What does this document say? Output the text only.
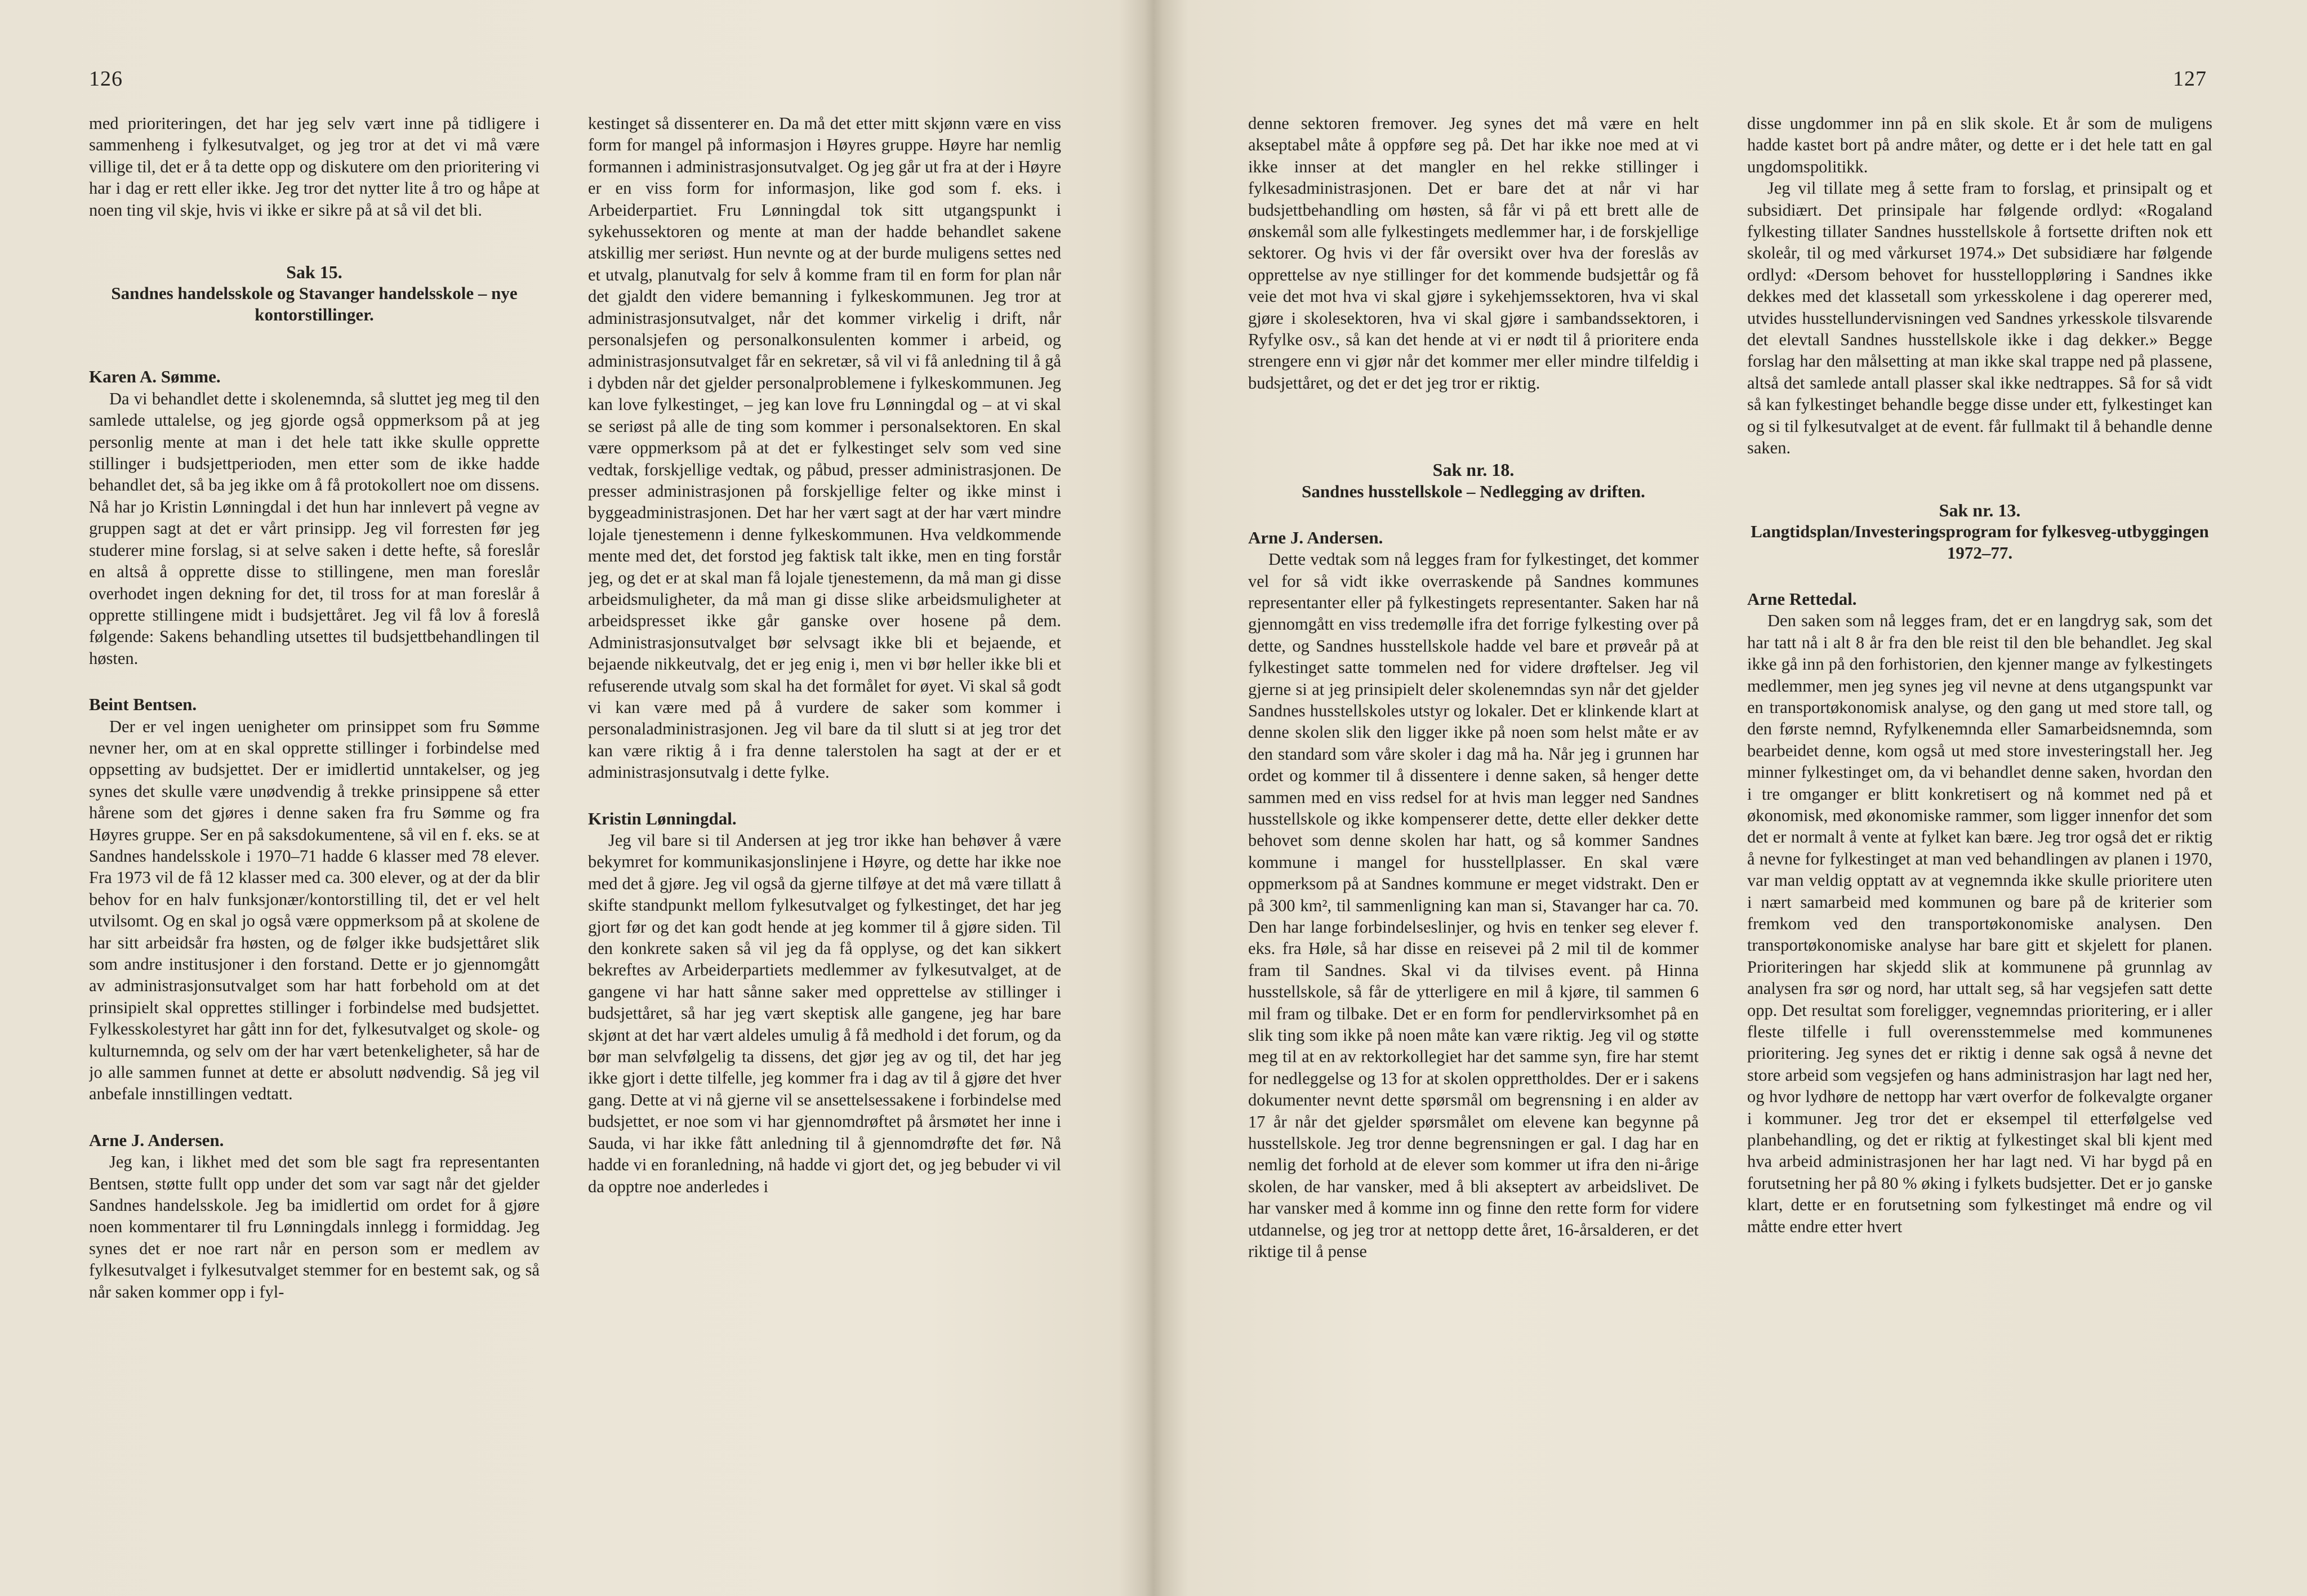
126

med prioriteringen, det har jeg selv vært inne på tidligere i sammenheng i fylkesutvalget, og jeg tror at det vi må være villige til, det er å ta dette opp og diskutere om den prioritering vi har i dag er rett eller ikke. Jeg tror det nytter lite å tro og håpe at noen ting vil skje, hvis vi ikke er sikre på at så vil det bli.

Sak 15.

Sandnes handelsskole og Stavanger handelsskole – nye kontorstillinger.

Karen A. Sømme.

Da vi behandlet dette i skolenemnda, så sluttet jeg meg til den samlede uttalelse, og jeg gjorde også oppmerksom på at jeg personlig mente at man i det hele tatt ikke skulle opprette stillinger i budsjettperioden, men etter som de ikke hadde behandlet det, så ba jeg ikke om å få protokollert noe om dissens. Nå har jo Kristin Lønningdal i det hun har innlevert på vegne av gruppen sagt at det er vårt prinsipp. Jeg vil forresten før jeg studerer mine forslag, si at selve saken i dette hefte, så foreslår en altså å opprette disse to stillingene, men man foreslår overhodet ingen dekning for det, til tross for at man foreslår å opprette stillingene midt i budsjettåret. Jeg vil få lov å foreslå følgende: Sakens behandling utsettes til budsjettbehandlingen til høsten.

Beint Bentsen.

Der er vel ingen uenigheter om prinsippet som fru Sømme nevner her, om at en skal opprette stillinger i forbindelse med oppsetting av budsjettet. Der er imidlertid unntakelser, og jeg synes det skulle være unødvendig å trekke prinsippene så etter hårene som det gjøres i denne saken fra fru Sømme og fra Høyres gruppe. Ser en på saksdokumentene, så vil en f. eks. se at Sandnes handelsskole i 1970–71 hadde 6 klasser med 78 elever. Fra 1973 vil de få 12 klasser med ca. 300 elever, og at der da blir behov for en halv funksjonær/kontorstilling til, det er vel helt utvilsomt. Og en skal jo også være oppmerksom på at skolene de har sitt arbeidsår fra høsten, og de følger ikke budsjettåret slik som andre institusjoner i den forstand. Dette er jo gjennomgått av administrasjonsutvalget som har hatt forbehold om at det prinsipielt skal opprettes stillinger i forbindelse med budsjettet. Fylkesskolestyret har gått inn for det, fylkesutvalget og skole- og kulturnemnda, og selv om der har vært betenkeligheter, så har de jo alle sammen funnet at dette er absolutt nødvendig. Så jeg vil anbefale innstillingen vedtatt.

Arne J. Andersen.

Jeg kan, i likhet med det som ble sagt fra representanten Bentsen, støtte fullt opp under det som var sagt når det gjelder Sandnes handelsskole. Jeg ba imidlertid om ordet for å gjøre noen kommentarer til fru Lønningdals innlegg i formiddag. Jeg synes det er noe rart når en person som er medlem av fylkesutvalget i fylkesutvalget stemmer for en bestemt sak, og så når saken kommer opp i fyl-

kestinget så dissenterer en. Da må det etter mitt skjønn være en viss form for mangel på informasjon i Høyres gruppe. Høyre har nemlig formannen i administrasjonsutvalget. Og jeg går ut fra at der i Høyre er en viss form for informasjon, like god som f. eks. i Arbeiderpartiet. Fru Lønningdal tok sitt utgangspunkt i sykehussektoren og mente at man der hadde behandlet sakene atskillig mer seriøst. Hun nevnte og at der burde muligens settes ned et utvalg, planutvalg for selv å komme fram til en form for plan når det gjaldt den videre bemanning i fylkeskommunen. Jeg tror at administrasjonsutvalget, når det kommer virkelig i drift, når personalsjefen og personalkonsulenten kommer i arbeid, og administrasjonsutvalget får en sekretær, så vil vi få anledning til å gå i dybden når det gjelder personalproblemene i fylkeskommunen. Jeg kan love fylkestinget, – jeg kan love fru Lønningdal og – at vi skal se seriøst på alle de ting som kommer i personalsektoren. En skal være oppmerksom på at det er fylkestinget selv som ved sine vedtak, forskjellige vedtak, og påbud, presser administrasjonen. De presser administrasjonen på forskjellige felter og ikke minst i byggeadministrasjonen. Det har her vært sagt at der har vært mindre lojale tjenestemenn i denne fylkeskommunen. Hva veldkommende mente med det, det forstod jeg faktisk talt ikke, men en ting forstår jeg, og det er at skal man få lojale tjenestemenn, da må man gi disse arbeidsmuligheter, da må man gi disse slike arbeidsmuligheter at arbeidspresset ikke går ganske over hosene på dem. Administrasjonsutvalget bør selvsagt ikke bli et bejaende, et bejaende nikkeutvalg, det er jeg enig i, men vi bør heller ikke bli et refuserende utvalg som skal ha det formålet for øyet. Vi skal så godt vi kan være med på å vurdere de saker som kommer i personaladministrasjonen. Jeg vil bare da til slutt si at jeg tror det kan være riktig å i fra denne talerstolen ha sagt at der er et administrasjonsutvalg i dette fylke.

Kristin Lønningdal.

Jeg vil bare si til Andersen at jeg tror ikke han behøver å være bekymret for kommunikasjonslinjene i Høyre, og dette har ikke noe med det å gjøre. Jeg vil også da gjerne tilføye at det må være tillatt å skifte standpunkt mellom fylkesutvalget og fylkestinget, det har jeg gjort før og det kan godt hende at jeg kommer til å gjøre siden. Til den konkrete saken så vil jeg da få opplyse, og det kan sikkert bekreftes av Arbeiderpartiets medlemmer av fylkesutvalget, at de gangene vi har hatt sånne saker med opprettelse av stillinger i budsjettåret, så har jeg vært skeptisk alle gangene, jeg har bare skjønt at det har vært aldeles umulig å få medhold i det forum, og da bør man selvfølgelig ta dissens, det gjør jeg av og til, det har jeg ikke gjort i dette tilfelle, jeg kommer fra i dag av til å gjøre det hver gang. Dette at vi nå gjerne vil se ansettelsessakene i forbindelse med budsjettet, er noe som vi har gjennomdrøftet på årsmøtet her inne i Sauda, vi har ikke fått anledning til å gjennomdrøfte det før. Nå hadde vi en foranledning, nå hadde vi gjort det, og jeg bebuder vi vil da opptre noe anderledes i

127

denne sektoren fremover. Jeg synes det må være en helt akseptabel måte å oppføre seg på. Det har ikke noe med at vi ikke innser at det mangler en hel rekke stillinger i fylkesadministrasjonen. Det er bare det at når vi har budsjettbehandling om høsten, så får vi på ett brett alle de ønskemål som alle fylkestingets medlemmer har, i de forskjellige sektorer. Og hvis vi der får oversikt over hva der foreslås av opprettelse av nye stillinger for det kommende budsjettår og få veie det mot hva vi skal gjøre i sykehjemssektoren, hva vi skal gjøre i skolesektoren, hva vi skal gjøre i sambandssektoren, i Ryfylke osv., så kan det hende at vi er nødt til å prioritere enda strengere enn vi gjør når det kommer mer eller mindre tilfeldig i budsjettåret, og det er det jeg tror er riktig.

Sak nr. 18.

Sandnes husstellskole – Nedlegging av driften.

Arne J. Andersen.

Dette vedtak som nå legges fram for fylkestinget, det kommer vel for så vidt ikke overraskende på Sandnes kommunes representanter eller på fylkestingets representanter. Saken har nå gjennomgått en viss tredemølle ifra det forrige fylkesting over på dette, og Sandnes husstellskole hadde vel bare et prøveår på at fylkestinget satte tommelen ned for videre drøftelser. Jeg vil gjerne si at jeg prinsipielt deler skolenemndas syn når det gjelder Sandnes husstellskoles utstyr og lokaler. Det er klinkende klart at denne skolen slik den ligger ikke på noen som helst måte er av den standard som våre skoler i dag må ha. Når jeg i grunnen har ordet og kommer til å dissentere i denne saken, så henger dette sammen med en viss redsel for at hvis man legger ned Sandnes husstellskole og ikke kompenserer dette, dette eller dekker dette behovet som denne skolen har hatt, og så kommer Sandnes kommune i mangel for husstellplasser. En skal være oppmerksom på at Sandnes kommune er meget vidstrakt. Den er på 300 km², til sammenligning kan man si, Stavanger har ca. 70. Den har lange forbindelseslinjer, og hvis en tenker seg elever f. eks. fra Høle, så har disse en reisevei på 2 mil til de kommer fram til Sandnes. Skal vi da tilvises event. på Hinna husstellskole, så får de ytterligere en mil å kjøre, til sammen 6 mil fram og tilbake. Det er en form for pendlervirksomhet på en slik ting som ikke på noen måte kan være riktig. Jeg vil og støtte meg til at en av rektorkollegiet har det samme syn, fire har stemt for nedleggelse og 13 for at skolen opprettholdes. Der er i sakens dokumenter nevnt dette spørsmål om begrensning i en alder av 17 år når det gjelder spørsmålet om elevene kan begynne på husstellskole. Jeg tror denne begrensningen er gal. I dag har en nemlig det forhold at de elever som kommer ut ifra den ni-årige skolen, de har vansker, med å bli akseptert av arbeidslivet. De har vansker med å komme inn og finne den rette form for videre utdannelse, og jeg tror at nettopp dette året, 16-årsalderen, er det riktige til å pense

disse ungdommer inn på en slik skole. Et år som de muligens hadde kastet bort på andre måter, og dette er i det hele tatt en gal ungdomspolitikk.

Jeg vil tillate meg å sette fram to forslag, et prinsipalt og et subsidiært. Det prinsipale har følgende ordlyd: «Rogaland fylkesting tillater Sandnes husstellskole å fortsette driften nok ett skoleår, til og med vårkurset 1974.» Det subsidiære har følgende ordlyd: «Dersom behovet for husstelloppløring i Sandnes ikke dekkes med det klassetall som yrkesskolene i dag opererer med, utvides husstellundervisningen ved Sandnes yrkesskole tilsvarende det elevtall Sandnes husstellskole ikke i dag dekker.» Begge forslag har den målsetting at man ikke skal trappe ned på plassene, altså det samlede antall plasser skal ikke nedtrappes. Så for så vidt så kan fylkestinget behandle begge disse under ett, fylkestinget kan og si til fylkesutvalget at de event. får fullmakt til å behandle denne saken.

Sak nr. 13.

Langtidsplan/Investeringsprogram for fylkesveg-utbyggingen 1972–77.

Arne Rettedal.

Den saken som nå legges fram, det er en langdryg sak, som det har tatt nå i alt 8 år fra den ble reist til den ble behandlet. Jeg skal ikke gå inn på den forhistorien, den kjenner mange av fylkestingets medlemmer, men jeg synes jeg vil nevne at dens utgangspunkt var en transportøkonomisk analyse, og den gang ut med store tall, og den første nemnd, Ryfylkenemnda eller Samarbeidsnemnda, som bearbeidet denne, kom også ut med store investeringstall her. Jeg minner fylkestinget om, da vi behandlet denne saken, hvordan den i tre omganger er blitt konkretisert og nå kommet ned på et økonomisk, med økonomiske rammer, som ligger innenfor det som det er normalt å vente at fylket kan bære. Jeg tror også det er riktig å nevne for fylkestinget at man ved behandlingen av planen i 1970, var man veldig opptatt av at vegnemnda ikke skulle prioritere uten i nært samarbeid med kommunen og bare på de kriterier som fremkom ved den transportøkonomiske analysen. Den transportøkonomiske analyse har bare gitt et skjelett for planen. Prioriteringen har skjedd slik at kommunene på grunnlag av analysen fra sør og nord, har uttalt seg, så har vegsjefen satt dette opp. Det resultat som foreligger, vegnemndas prioritering, er i aller fleste tilfelle i full overensstemmelse med kommunenes prioritering. Jeg synes det er riktig i denne sak også å nevne det store arbeid som vegsjefen og hans administrasjon har lagt ned her, og hvor lydhøre de nettopp har vært overfor de folkevalgte organer i kommuner. Jeg tror det er eksempel til etterfølgelse ved planbehandling, og det er riktig at fylkestinget skal bli kjent med hva arbeid administrasjonen her har lagt ned. Vi har bygd på en forutsetning her på 80 % øking i fylkets budsjetter. Det er jo ganske klart, dette er en forutsetning som fylkestinget må endre og vil måtte endre etter hvert
